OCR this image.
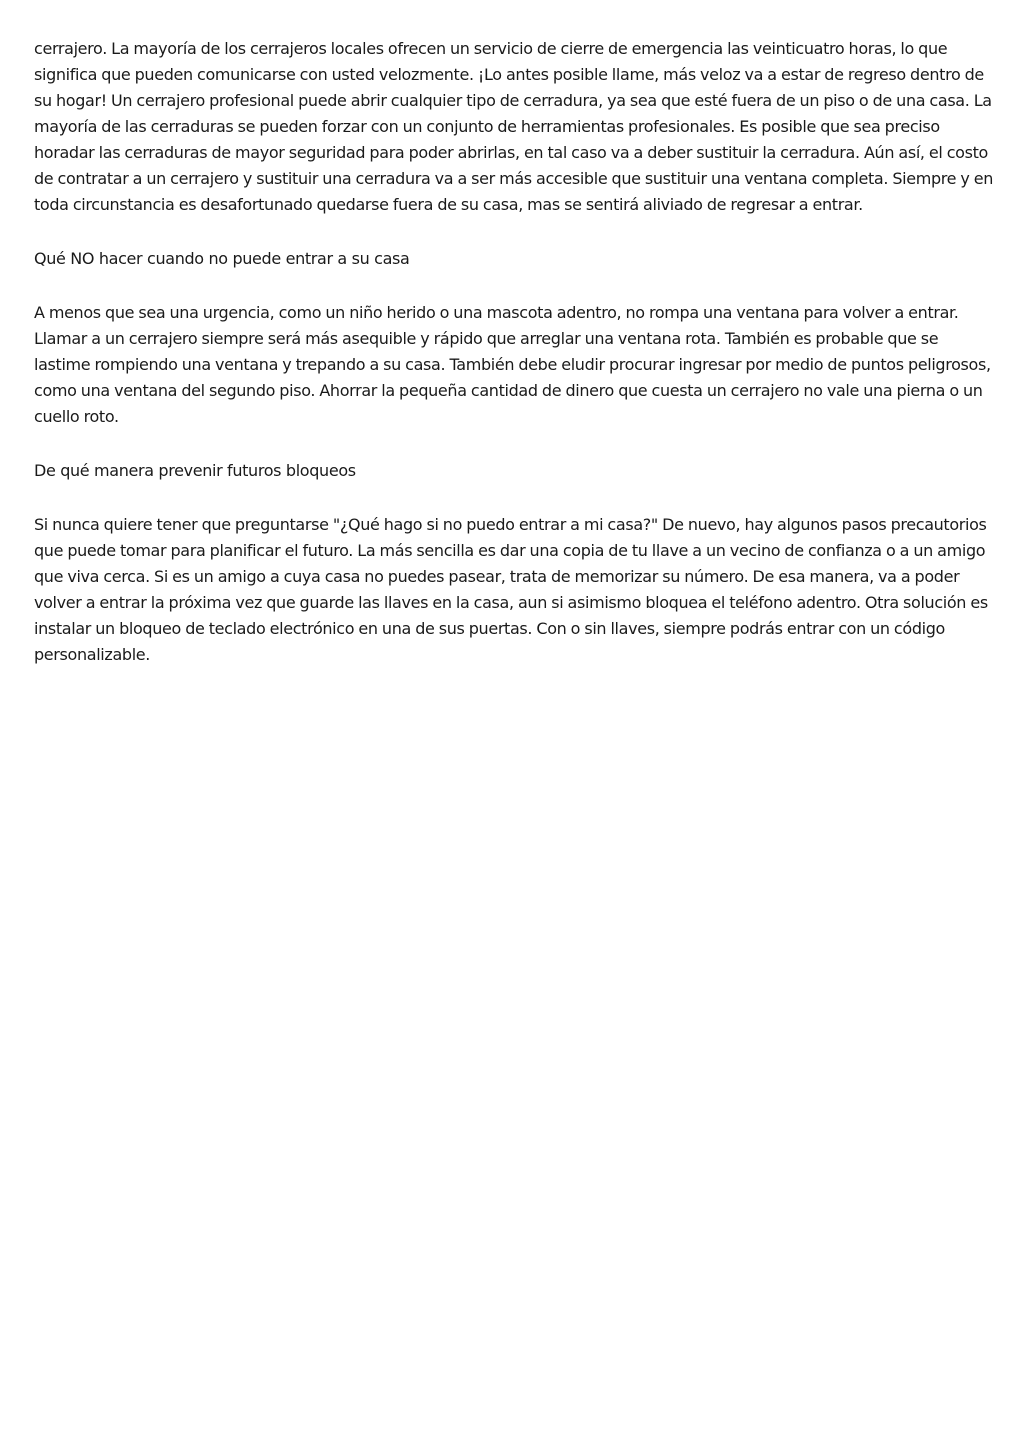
cerrajero. La mayoría de los cerrajeros locales ofrecen un servicio de cierre de emergencia las veinticuatro horas, lo que significa que pueden comunicarse con usted velozmente. ¡Lo antes posible llame, más veloz va a estar de regreso dentro de su hogar! Un cerrajero profesional puede abrir cualquier tipo de cerradura, ya sea que esté fuera de un piso o de una casa. La mayoría de las cerraduras se pueden forzar con un conjunto de herramientas profesionales. Es posible que sea preciso horadar las cerraduras de mayor seguridad para poder abrirlas, en tal caso va a deber sustituir la cerradura. Aún así, el costo de contratar a un cerrajero y sustituir una cerradura va a ser más accesible que sustituir una ventana completa. Siempre y en toda circunstancia es desafortunado quedarse fuera de su casa, mas se sentirá aliviado de regresar a entrar.

Qué NO hacer cuando no puede entrar a su casa

A menos que sea una urgencia, como un niño herido o una mascota adentro, no rompa una ventana para volver a entrar. Llamar a un cerrajero siempre será más asequible y rápido que arreglar una ventana rota. También es probable que se lastime rompiendo una ventana y trepando a su casa. También debe eludir procurar ingresar por medio de puntos peligrosos, como una ventana del segundo piso. Ahorrar la pequeña cantidad de dinero que cuesta un cerrajero no vale una pierna o un cuello roto.

De qué manera prevenir futuros bloqueos

Si nunca quiere tener que preguntarse "¿Qué hago si no puedo entrar a mi casa?" De nuevo, hay algunos pasos precautorios que puede tomar para planificar el futuro. La más sencilla es dar una copia de tu llave a un vecino de confianza o a un amigo que viva cerca. Si es un amigo a cuya casa no puedes pasear, trata de memorizar su número. De esa manera, va a poder volver a entrar la próxima vez que guarde las llaves en la casa, aun si asimismo bloquea el teléfono adentro. Otra solución es instalar un bloqueo de teclado electrónico en una de sus puertas. Con o sin llaves, siempre podrás entrar con un código personalizable.
